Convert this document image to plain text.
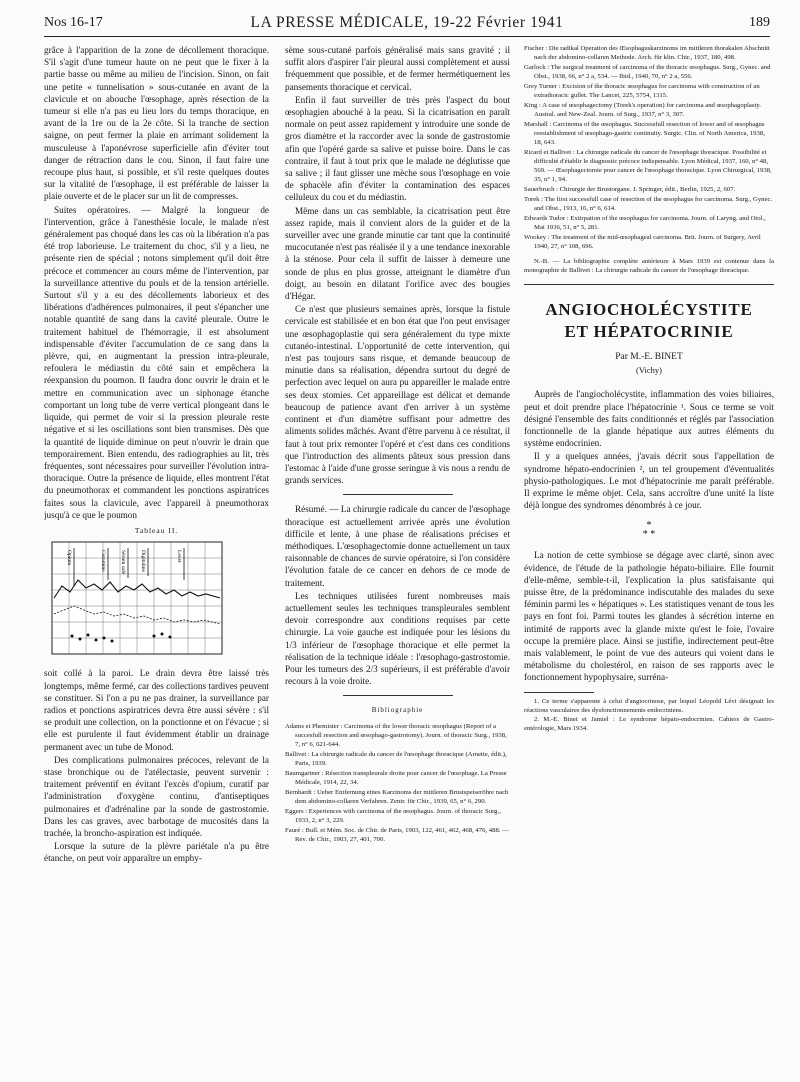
Nos 16-17	LA PRESSE MÉDICALE, 19-22 Février 1941	189

grâce à l'apparition de la zone de décollement thoracique. S'il s'agit d'une tumeur haute on ne peut que le fixer à la partie basse ou même au milieu de l'incision. Sinon, on fait une petite « tunnelisation » sous-cutanée en avant de la clavicule et on abouche l'œsophage, après résection de la tumeur si elle n'a pas eu lieu lors du temps thoracique, en avant de la 1re ou de la 2e côte. Si la tranche de section saigne, on peut fermer la plaie en arrimant solidement la musculeuse à l'aponévrose superficielle afin d'éviter tout danger de rétraction dans le cou. Sinon, il faut faire une recoupe plus haut, si possible, et s'il reste quelques doutes sur la vitalité de l'œsophage, il est préférable de laisser la plaie ouverte et de le placer sur un lit de compresses.

Suites opératoires. — Malgré la longueur de l'intervention, grâce à l'anesthésie locale, le malade n'est généralement pas choqué dans les cas où la libération n'a pas été trop laborieuse. Le traitement du choc, s'il y a lieu, ne présente rien de spécial ; notons simplement qu'il doit être précoce et commencer au cours même de l'intervention, par la surveillance attentive du pouls et de la tension artérielle. Surtout s'il y a eu des décollements laborieux et des libérations d'adhérences pulmonaires, il peut s'épancher une notable quantité de sang dans la cavité pleurale. Outre le traitement habituel de l'hémorragie, il est absolument indispensable d'éviter l'accumulation de ce sang dans la plèvre, qui, en augmentant la pression intra-pleurale, refoulera le médiastin du côté sain et empêchera la réexpansion du poumon. Il faudra donc ouvrir le drain et le mettre en communication avec un siphonage étanche comportant un long tube de verre vertical plongeant dans le liquide, qui permet de voir si la pression pleurale reste négative et si les oscillations sont bien transmises. Dès que la quantité de liquide diminue on peut n'ouvrir le drain que temporairement. Bien entendu, des radiographies au lit, très fréquentes, sont nécessaires pour surveiller l'évolution intra-thoracique. Outre la présence de liquide, elles montrent l'état du pneumothorax et commandent les ponctions aspiratrices faites sous la clavicule, avec l'appareil à pneumothorax jusqu'à ce que le poumon

Tableau II.
Opium	Coramine	Sérum salé	Lever
Digitaline

soit collé à la paroi. Le drain devra être laissé très longtemps, même fermé, car des collections tardives peuvent se constituer. Si l'on a pu ne pas drainer, la surveillance par radios et ponctions aspiratrices devra être aussi sévère : s'il se produit une collection, on la ponctionne et on l'évacue ; si elle est purulente il faut évidemment établir un drainage permanent avec un tube de Monod.

Des complications pulmonaires précoces, relevant de la stase bronchique ou de l'atélectasie, peuvent survenir : traitement préventif en évitant l'excès d'opium, curatif par l'administration d'oxygène continu, d'antiseptiques pulmonaires et d'adrénaline par la sonde de gastrostomie. Dans les cas graves, avec barbotage de mucosités dans la trachée, la broncho-aspiration est indiquée.

Lorsque la suture de la plèvre pariétale n'a pu être étanche, on peut voir apparaître un emphy-

sème sous-cutané parfois généralisé mais sans gravité ; il suffit alors d'aspirer l'air pleural aussi complètement et aussi fréquemment que possible, et de fermer hermétiquement les pansements thoracique et cervical.

Enfin il faut surveiller de très près l'aspect du bout œsophagien abouché à la peau. Si la cicatrisation en paraît normale on peut assez rapidement y introduire une sonde de gros diamètre et la raccorder avec la sonde de gastrostomie afin que l'opéré garde sa salive et puisse boire. Dans le cas contraire, il faut à tout prix que le malade ne déglutisse que sa salive ; il faut glisser une mèche sous l'œsophage en voie de sphacèle afin d'éviter la contamination des espaces celluleux du cou et du médiastin.

Même dans un cas semblable, la cicatrisation peut être assez rapide, mais il convient alors de la guider et de la surveiller avec une grande minutie car tant que la continuité mucocutanée n'est pas réalisée il y a une tendance inexorable à la sténose. Pour cela il suffit de laisser à demeure une sonde de plus en plus grosse, atteignant le diamètre d'un doigt, au besoin en dilatant l'orifice avec des bougies d'Hégar.

Ce n'est que plusieurs semaines après, lorsque la fistule cervicale est stabilisée et en bon état que l'on peut envisager une œsophagoplastie qui sera généralement du type mixte cutanéo-intestinal. L'opportunité de cette intervention, qui n'est pas toujours sans risque, et demande beaucoup de minutie dans sa réalisation, dépendra surtout du degré de perfection avec lequel on aura pu appareiller le malade entre ses deux stomies. Cet appareillage est délicat et demande beaucoup de patience avant d'en arriver à un système continent et d'un diamètre suffisant pour admettre des aliments solides mâchés. Avant d'être parvenu à ce résultat, il faut à tout prix remonter l'opéré et c'est dans ces conditions que l'introduction des aliments pâteux sous pression dans l'estomac à l'aide d'une grosse seringue à vis nous a rendu de grands services.

Résumé. — La chirurgie radicale du cancer de l'œsophage thoracique est actuellement arrivée après une évolution difficile et lente, à une phase de réalisations précises et méthodiques. L'œsophagectomie donne actuellement un taux raisonnable de chances de survie opératoire, si l'on considère l'évolution fatale de ce cancer en dehors de ce mode de traitement.

Les techniques utilisées furent nombreuses mais actuellement seules les techniques transpleurales semblent devoir correspondre aux conditions requises par cette chirurgie. La voie gauche est indiquée pour les lésions du 1/3 inférieur de l'œsophage thoracique et elle permet la réalisation de la technique idéale : l'œsophago-gastrostomie. Pour les tumeurs des 2/3 supérieurs, il est préférable d'avoir recours à la voie droite.

Bibliographie

Adams et Phemister : Carcinoma of the lower thoracic œsophagus (Report of a succesfull resection and œsophago-gastrotomy). Journ. of thoracic Surg., 1938, 7, n° 6, 621-644.

Ballivet : La chirurgie radicale du cancer de l'œsophage thoracique (Arnette, édit.), Paris, 1939.

Baumgartner : Résection transpleurale droite pour cancer de l'œsophage. La Presse Médicale, 1914, 22, 34.

Bernhardt : Ueber Entfernung eines Karzinoms der mittleren Brustspeiseröhre nach dem abdomino-collaren Verfahren. Zentr. für Chir., 1939, 65, n° 6, 290.

Eggers : Experiences with carcinoma of the œsophagus. Journ. of thoracic Surg., 1933, 2, n° 3, 229.

Fauré : Bull. et Mém. Soc. de Chir. de Paris, 1903, 122, 461, 462, 468, 476, 488. — Rev. de Chir., 1903, 27, 401, 700.

Fischer : Die radikal Operation des Œsophaguskarzinoms im mittleren thorakalen Abschnitt nach der abdomino-collaren Methode. Arch. für klin. Chir., 1937, 180, 498.

Garlock : The surgical treatment of carcinoma of the thoracic œsophagus. Surg., Gynec. and Obst., 1938, 66, n° 2 a, 534. — Ibid., 1940, 70, n° 2 a, 556.

Grey Turner : Excision of the thoracic œsophagus for carcinoma with construction of an extrathoracic gullet. The Lancet, 225, 5754, 1315.

King : A case of œsophagectomy (Torek's operation) for carcinoma and œsophagoplasty. Austral. and New-Zeal. Journ. of Surg., 1937, n° 3, 307.

Marshall : Carcinoma of the œsophagus. Successfull resection of lower and of œsophagus reestablishment of œsophago-gastric continuity. Surgic. Clin. of North America, 1938, 18, 643.

Ricard et Ballivet : La chirurgie radicale du cancer de l'œsophage thoracique. Possibilité et difficulté d'établir le diagnostic précoce indispensable. Lyon Médical, 1937, 160, n° 48, 569. — Œsophagectomie pour cancer de l'œsophage thoracique. Lyon Chirurgical, 1938, 35, n° 1, 94.

Sauerbruch : Chirurgie der Brustorgane. J. Springer, édit., Berlin, 1925, 2, 607.

Torek : The first successfull case of resection of the œsophagus for carcinoma. Surg., Gynec. and Obst., 1913, 16, n° 6, 614.

Edwards Tudor : Extirpation of the œsophagus for carcinoma. Journ. of Laryng. and Otol., Mai 1936, 51, n° 5, 281.

Wookey : The treatment of the mid-œsophageal carcinoma. Brit. Journ. of Surgery, Avril 1940, 27, n° 108, 696.

N.-B. — La bibliographie complète antérieure à Mars 1939 est contenue dans la monographie de Ballivet : La chirurgie radicale du cancer de l'œsophage thoracique.

ANGIOCHOLÉCYSTITE
ET HÉPATOCRINIE
Par M.-E. BINET
(Vichy)

Auprès de l'angiocholécystite, inflammation des voies biliaires, peut et doit prendre place l'hépatocrinie ¹. Sous ce terme se voit désigné l'ensemble des faits conditionnés et réglés par l'association fonctionnelle de la glande hépatique aux autres éléments du système endocrinien.

Il y a quelques années, j'avais décrit sous l'appellation de syndrome hépato-endocrinien ², un tel groupement d'éventualités physio-pathologiques. Le mot d'hépatocrinie me paraît préférable. Il exprime le même objet. Cela, sans accroître d'une unité la liste déjà longue des syndromes dénombrés à ce jour.

*
* *

La notion de cette symbiose se dégage avec clarté, sinon avec évidence, de l'étude de la pathologie hépato-biliaire. Elle fournit d'elle-même, semble-t-il, l'explication la plus satisfaisante qui puisse être, de la prédominance indiscutable des malades du sexe féminin parmi les « hépatiques ». Les statistiques venant de tous les pays en font foi. Parmi toutes les glandes à sécrétion interne en intimité de rapports avec la glande mixte qu'est le foie, l'ovaire occupe la première place. Ainsi se justifie, indirectement peut-être mais valablement, le point de vue des auteurs qui voient dans le métabolisme du cholestérol, en raison de ses rapports avec le fonctionnement hypophysaire, surréna-

1. Ce terme s'apparente à celui d'angiocrinose, par lequel Léopold Lévi désignait les réactions vasculaires des dysfonctionnements endocriniens.

2. M.-E. Binet et Jamiel : Le syndrome hépato-endocrinien. Cahiers de Gastro-entérologie, Mars 1934.
